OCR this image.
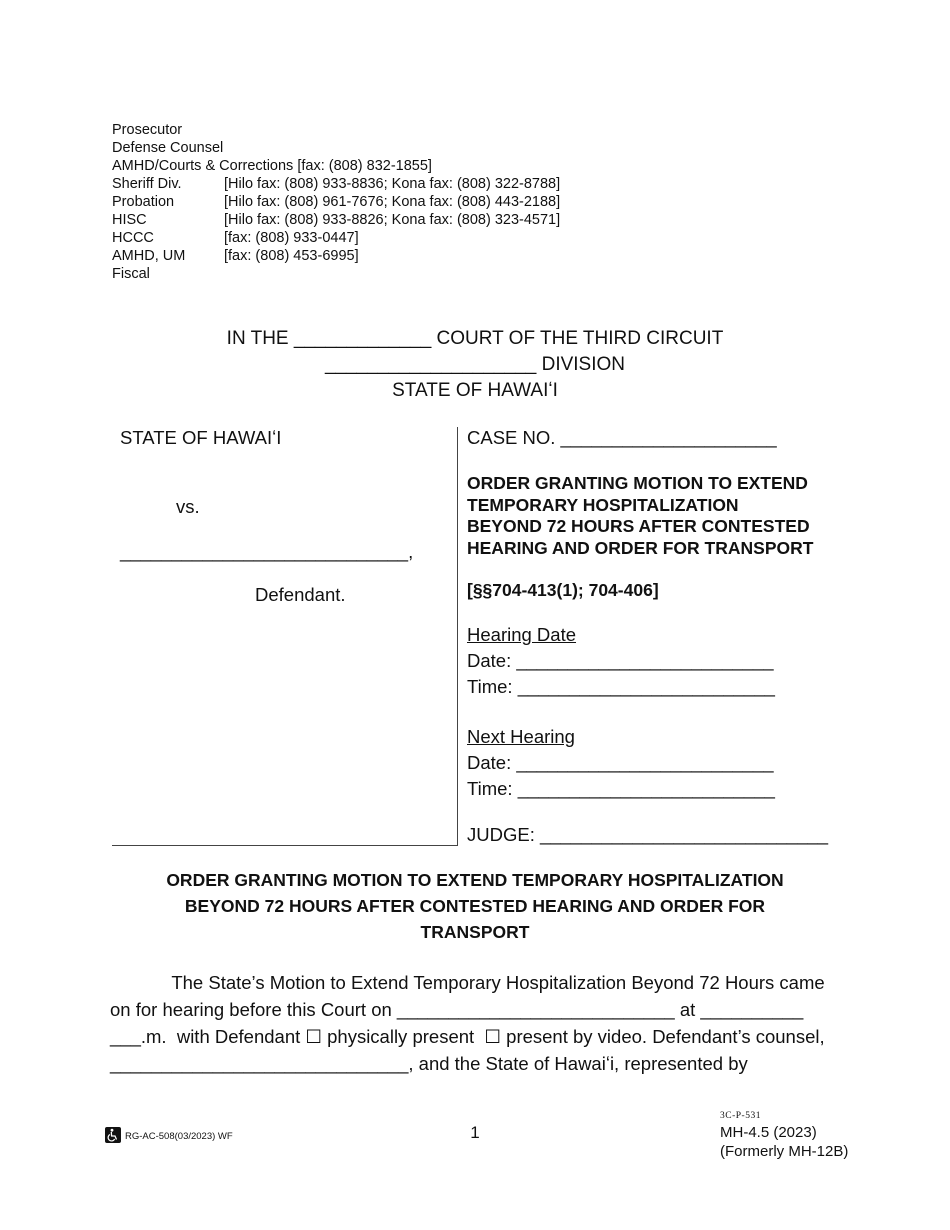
Prosecutor
Defense Counsel
AMHD/Courts & Corrections [fax: (808) 832-1855]
Sheriff Div.	[Hilo fax: (808) 933-8836; Kona fax: (808) 322-8788]
Probation	[Hilo fax: (808) 961-7676; Kona fax: (808) 443-2188]
HISC	[Hilo fax: (808) 933-8826; Kona fax: (808) 323-4571]
HCCC	[fax: (808) 933-0447]
AMHD, UM	[fax: (808) 453-6995]
Fiscal
IN THE _____________ COURT OF THE THIRD CIRCUIT
____________________ DIVISION
STATE OF HAWAIʻI
STATE OF HAWAIʻI
vs.
____________________________,
Defendant.
CASE NO. _____________________
ORDER GRANTING MOTION TO EXTEND
TEMPORARY HOSPITALIZATION
BEYOND 72 HOURS AFTER CONTESTED
HEARING AND ORDER FOR TRANSPORT
[§§704-413(1); 704-406]
Hearing Date
Date: _________________________
Time: _________________________
Next Hearing
Date: _________________________
Time: _________________________
JUDGE: ____________________________
ORDER GRANTING MOTION TO EXTEND TEMPORARY HOSPITALIZATION
BEYOND 72 HOURS AFTER CONTESTED HEARING AND ORDER FOR
TRANSPORT
The State’s Motion to Extend Temporary Hospitalization Beyond 72 Hours came
on for hearing before this Court on ___________________________ at __________
___.m.  with Defendant ☐ physically present  ☐ present by video. Defendant’s counsel,
_____________________________, and the State of Hawaiʻi, represented by
RG-AC-508(03/2023) WF	1
3C-P-531
MH-4.5 (2023)
(Formerly MH-12B)
